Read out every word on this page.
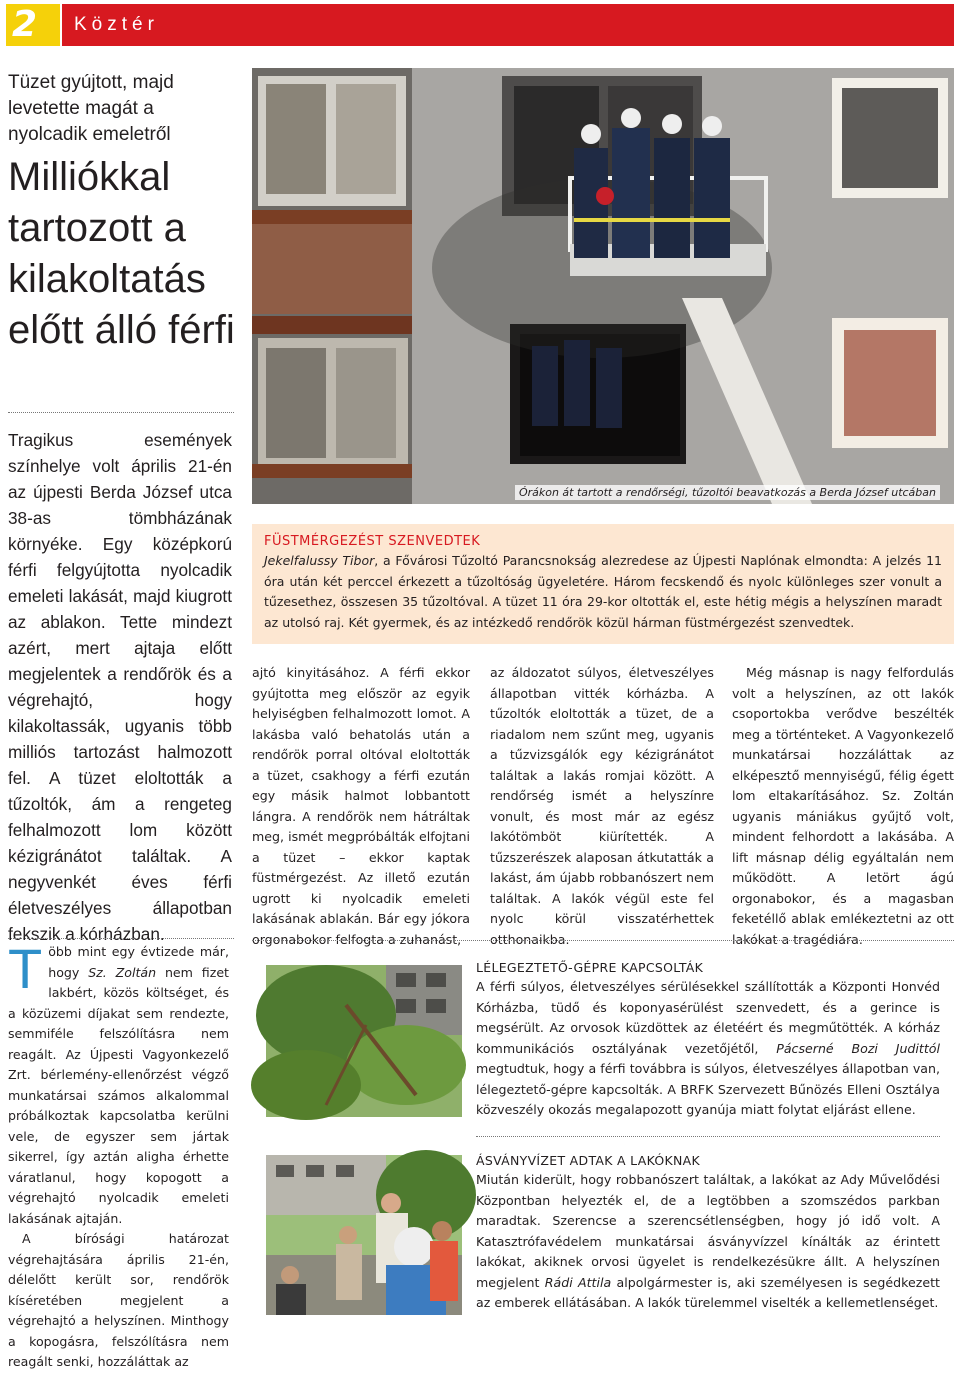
2 Köztér
Tüzet gyújtott, majd levetette magát a nyolcadik emeletről
Milliókkal tartozott a kilakoltatás előtt álló férfi
Tragikus események színhelye volt április 21-én az újpesti Berda József utca 38-as tömbházának környéke. Egy középkorú férfi felgyújtotta nyolcadik emeleti lakását, majd kiugrott az ablakon. Tette mindezt azért, mert ajtaja előtt megjelentek a rendőrök és a végrehajtó, hogy kilakoltassák, ugyanis több milliós tartozást halmozott fel. A tüzet eloltották a tűzoltók, ám a rengeteg felhalmozott lom között kézigránátot találtak. A negyvenkét éves férfi életveszélyes állapotban fekszik a kórházban.

Több mint egy évtizede már, hogy Sz. Zoltán nem fizet lakbért, közös költséget, és a közüzemi díjakat sem rendezte, semmiféle felszólításra nem reagált. Az Újpesti Vagyonkezelő Zrt. bérlemény-ellenőrzést végző munkatársai számos alkalommal próbálkoztak kapcsolatba kerülni vele, de egyszer sem jártak sikerrel, így aztán aligha érhette váratlanul, hogy kopogott a végrehajtó nyolcadik emeleti lakásának ajtaján.

A bírósági határozat végrehajtására április 21-én, délelőtt került sor, rendőrök kíséretében megjelent a végrehajtó a helyszínen. Minthogy a kopogásra, felszólításra nem reagált senki, hozzáláttak az

Órákon át tartott a rendőrségi, tűzoltói beavatkozás a Berda József utcában
FÜSTMÉRGEZÉST SZENVEDTEK
Jekelfalussy Tibor, a Fővárosi Tűzoltó Parancsnokság alezredese az Újpesti Naplónak elmondta: A jelzés 11 óra után két perccel érkezett a tűzoltóság ügyeletére. Három fecskendő és nyolc különleges szer vonult a tűzesethez, összesen 35 tűzoltóval. A tüzet 11 óra 29-kor oltották el, este hétig mégis a helyszínen maradt az utolsó raj. Két gyermek, és az intézkedő rendőrök közül hárman füstmérgezést szenvedtek.
ajtó kinyitásához. A férfi ekkor gyújtotta meg először az egyik helyiségben felhalmozott lomot. A lakásba való behatolás után a rendőrök porral oltóval eloltották a tüzet, csakhogy a férfi ezután egy másik halmot lobbantott lángra. A rendőrök nem hátráltak meg, ismét megpróbálták elfojtani a tüzet – ekkor kaptak füstmérgezést. Az illető ezután ugrott ki nyolcadik emeleti lakásának ablakán. Bár egy jókora orgonabokor felfogta a zuhanást,
az áldozatot súlyos, életveszélyes állapotban vitték kórházba. A tűzoltók eloltották a tüzet, de a riadalom nem szűnt meg, ugyanis a tűzvizsgálók egy kézigránátot találtak a lakás romjai között. A rendőrség ismét a helyszínre vonult, és most már az egész lakótömböt kiürítették. A tűzszerészek alaposan átkutatták a lakást, ám újabb robbanószert nem találtak. A lakók végül este fel nyolc körül visszatérhettek otthonaikba.
Még másnap is nagy felfordulás volt a helyszínen, az ott lakók csoportokba verődve beszélték meg a történteket. A Vagyonkezelő munkatársai hozzáláttak az elképesztő mennyiségű, félig égett lom eltakarításához. Sz. Zoltán ugyanis mániákus gyűjtő volt, mindent felhordott a lakásába. A lift másnap délig egyáltalán nem működött. A letört ágú orgonabokor, és a magasban feketéllő ablak emlékeztetni az ott lakókat a tragédiára.
LÉLEGEZTETŐ-GÉPRE KAPCSOLTÁK
A férfi súlyos, életveszélyes sérülésekkel szállították a Központi Honvéd Kórházba, tüdő és koponyasérülést szenvedett, és a gerince is megsérült. Az orvosok küzdöttek az életéért és megműtötték. A kórház kommunikációs osztályának vezetőjétől, Pácserné Bozi Judittól megtudtuk, hogy a férfi továbbra is súlyos, életveszélyes állapotban van, lélegeztető-gépre kapcsolták. A BRFK Szervezett Bűnözés Elleni Osztálya közveszély okozás megalapozott gyanúja miatt folytat eljárást ellene.
ÁSVÁNYVÍZET ADTAK A LAKÓKNAK
Miután kiderült, hogy robbanószert találtak, a lakókat az Ady Művelődési Központban helyezték el, de a legtöbben a szomszédos parkban maradtak. Szerencse a szerencsétlenségben, hogy jó idő volt. A Katasztrófavédelem munkatársai ásványvízzel kínálták az érintett lakókat, akiknek orvosi ügyelet is rendelkezésükre állt. A helyszínen megjelent Rádi Attila alpolgármester is, aki személyesen is segédkezett az emberek ellátásában. A lakók türelemmel viselték a kellemetlenséget.
